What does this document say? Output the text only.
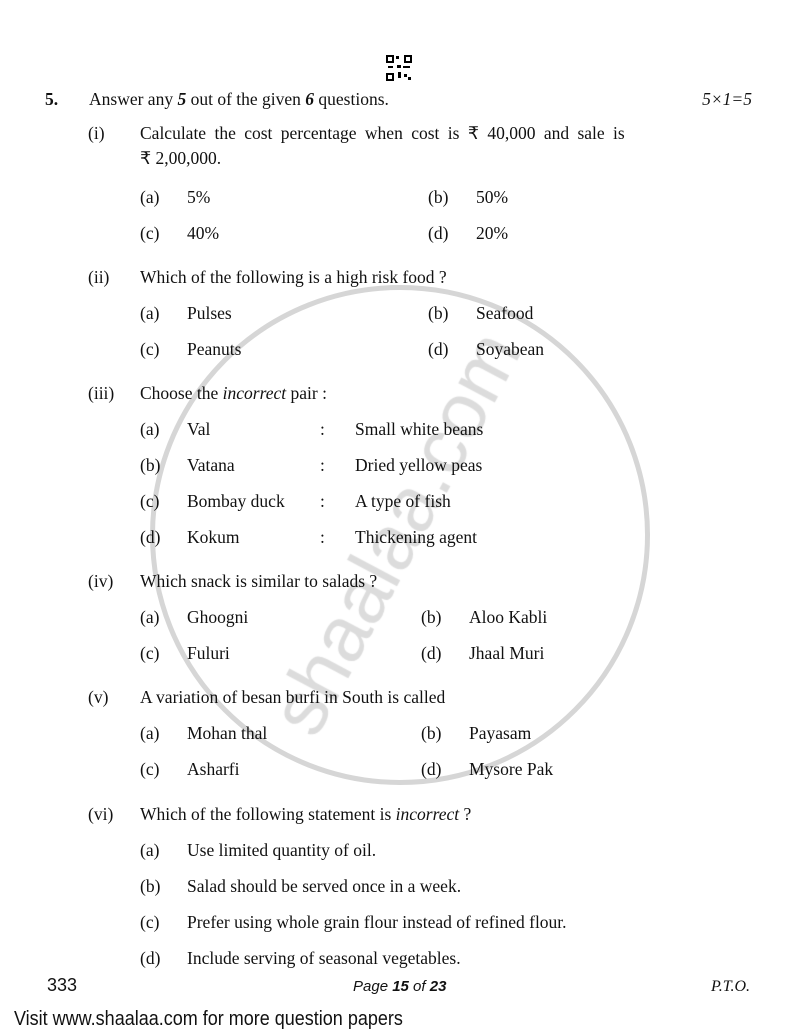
5. Answer any 5 out of the given 6 questions.	5×1=5
(i) Calculate the cost percentage when cost is ₹ 40,000 and sale is
₹ 2,00,000.
(a) 5%	(b) 50%
(c) 40%	(d) 20%
(ii) Which of the following is a high risk food ?
(a) Pulses	(b) Seafood
(c) Peanuts	(d) Soyabean
(iii) Choose the incorrect pair :
(a) Val	: Small white beans
(b) Vatana	: Dried yellow peas
(c) Bombay duck : A type of fish
(d) Kokum	: Thickening agent
(iv) Which snack is similar to salads ?
(a) Ghoogni	(b) Aloo Kabli
(c) Fuluri	(d) Jhaal Muri
(v) A variation of besan burfi in South is called
(a) Mohan thal	(b) Payasam
(c) Asharfi	(d) Mysore Pak
(vi) Which of the following statement is incorrect ?
(a) Use limited quantity of oil.
(b) Salad should be served once in a week.
(c) Prefer using whole grain flour instead of refined flour.
(d) Include serving of seasonal vegetables.
333	Page 15 of 23	P.T.O.
Visit www.shaalaa.com for more question papers
